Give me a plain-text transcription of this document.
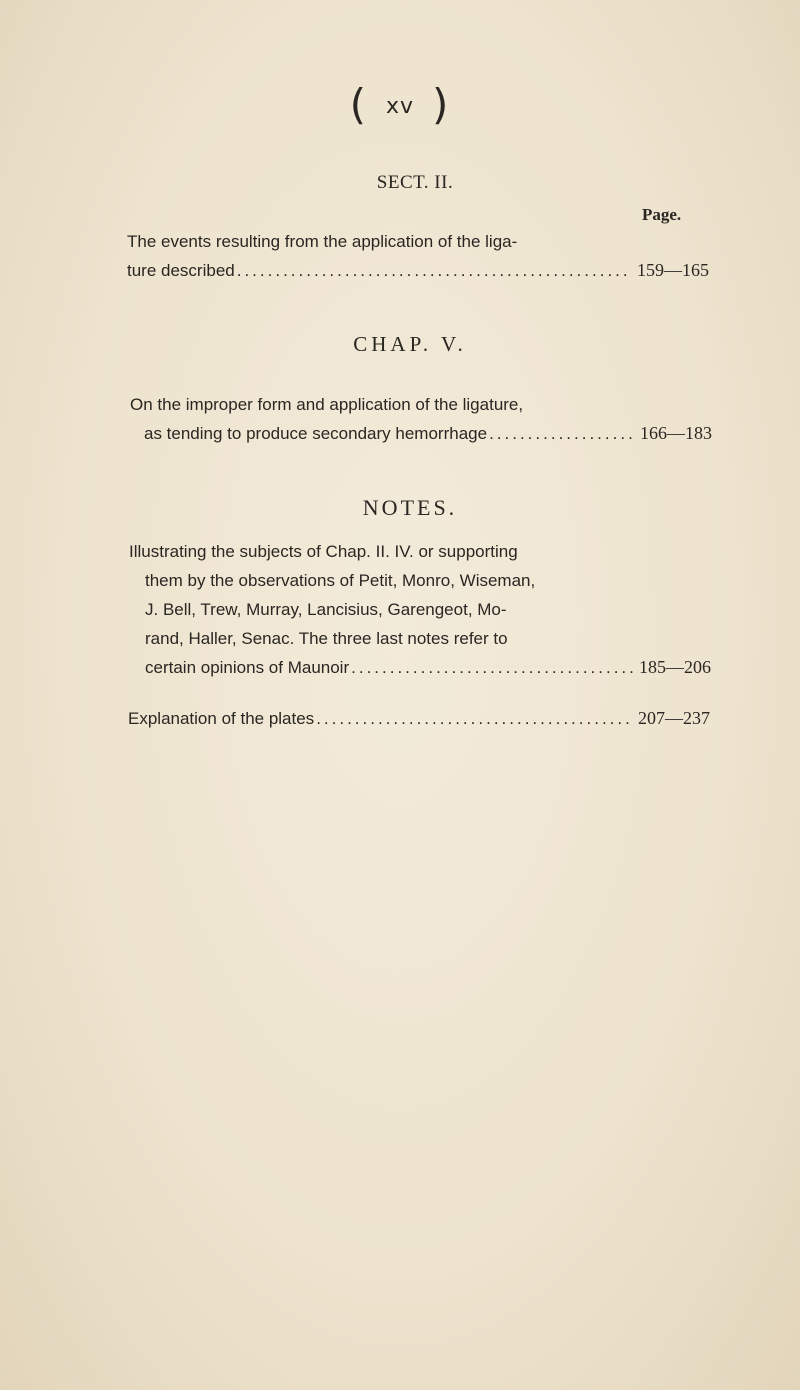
( xv )
SECT. II.
Page.
The events resulting from the application of the liga-
ture described .....	159—165
CHAP. V.
On the improper form and application of the ligature,
as tending to produce secondary hemorrhage .....	166—183
NOTES.
Illustrating the subjects of Chap. II. IV. or supporting
them by the observations of Petit, Monro, Wiseman,
J. Bell, Trew, Murray, Lancisius, Garengeot, Mo-
rand, Haller, Senac. The three last notes refer to
certain opinions of Maunoir .....	185—206
Explanation of the plates .....	207—237
